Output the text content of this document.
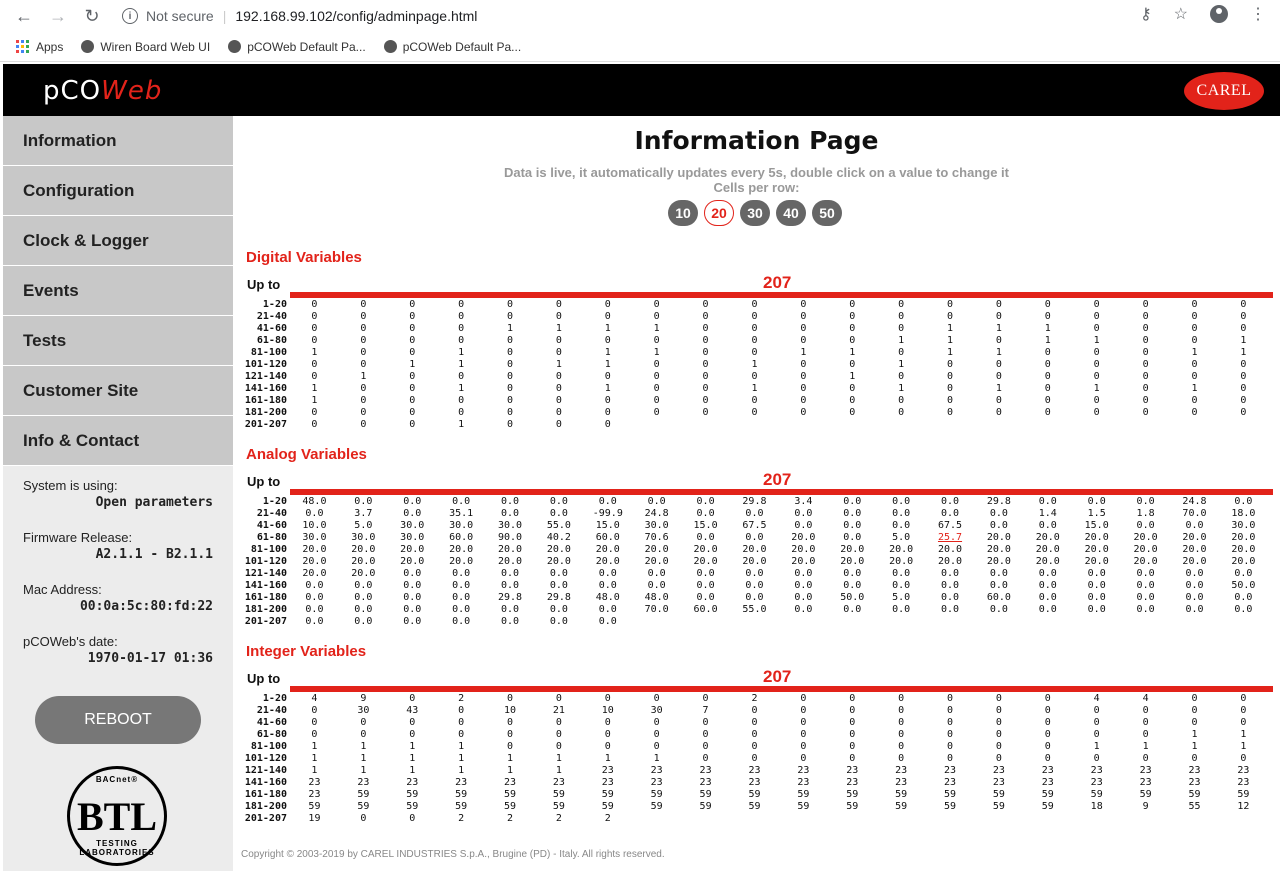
← → ↻	i	Not secure | 192.168.99.102/config/adminpage.html	⚷ ☆	⋮
Apps	Wiren Board Web UI	pCOWeb Default Pa...	pCOWeb Default Pa...
pCOWeb	CAREL
Information
Configuration
Clock & Logger
Events
Tests
Customer Site
Info & Contact
System is using:
Open parameters
Firmware Release:
A2.1.1 - B2.1.1
Mac Address:
00:0a:5c:80:fd:22
pCOWeb's date:
1970-01-17 01:36
REBOOT
BACnet®
BTL
TESTING LABORATORIES
Information Page
Data is live, it automatically updates every 5s, double click on a value to change it
Cells per row:
10	20	30	40	50
Digital Variables
Up to	207
1-20	0	0	0	0	0	0	0	0	0	0	0	0	0	0	0	0	0	0	0	0
21-40	0	0	0	0	0	0	0	0	0	0	0	0	0	0	0	0	0	0	0	0
41-60	0	0	0	0	1	1	1	1	0	0	0	0	0	1	1	1	0	0	0	0
61-80	0	0	0	0	0	0	0	0	0	0	0	0	1	1	0	1	1	0	0	1
81-100	1	0	0	1	0	0	1	1	0	0	1	1	0	1	1	0	0	0	1	1
101-120	0	0	1	1	0	1	1	0	0	1	0	0	1	0	0	0	0	0	0	0
121-140	0	1	0	0	0	0	0	0	0	0	0	1	0	0	0	0	0	0	0	0
141-160	1	0	0	1	0	0	1	0	0	1	0	0	1	0	1	0	1	0	1	0
161-180	1	0	0	0	0	0	0	0	0	0	0	0	0	0	0	0	0	0	0	0
181-200	0	0	0	0	0	0	0	0	0	0	0	0	0	0	0	0	0	0	0	0
201-207	0	0	0	1	0	0	0
Analog Variables
Up to	207
1-20	48.0	0.0	0.0	0.0	0.0	0.0	0.0	0.0	0.0	29.8	3.4	0.0	0.0	0.0	29.8	0.0	0.0	0.0	24.8	0.0
21-40	0.0	3.7	0.0	35.1	0.0	0.0	-99.9	24.8	0.0	0.0	0.0	0.0	0.0	0.0	0.0	1.4	1.5	1.8	70.0	18.0
41-60	10.0	5.0	30.0	30.0	30.0	55.0	15.0	30.0	15.0	67.5	0.0	0.0	0.0	67.5	0.0	0.0	15.0	0.0	0.0	30.0
61-80	30.0	30.0	30.0	60.0	90.0	40.2	60.0	70.6	0.0	0.0	20.0	0.0	5.0	25.7	20.0	20.0	20.0	20.0	20.0	20.0
81-100	20.0	20.0	20.0	20.0	20.0	20.0	20.0	20.0	20.0	20.0	20.0	20.0	20.0	20.0	20.0	20.0	20.0	20.0	20.0	20.0
101-120	20.0	20.0	20.0	20.0	20.0	20.0	20.0	20.0	20.0	20.0	20.0	20.0	20.0	20.0	20.0	20.0	20.0	20.0	20.0	20.0
121-140	20.0	20.0	0.0	0.0	0.0	0.0	0.0	0.0	0.0	0.0	0.0	0.0	0.0	0.0	0.0	0.0	0.0	0.0	0.0	0.0
141-160	0.0	0.0	0.0	0.0	0.0	0.0	0.0	0.0	0.0	0.0	0.0	0.0	0.0	0.0	0.0	0.0	0.0	0.0	0.0	50.0
161-180	0.0	0.0	0.0	0.0	29.8	29.8	48.0	48.0	0.0	0.0	0.0	50.0	5.0	0.0	60.0	0.0	0.0	0.0	0.0	0.0
181-200	0.0	0.0	0.0	0.0	0.0	0.0	0.0	70.0	60.0	55.0	0.0	0.0	0.0	0.0	0.0	0.0	0.0	0.0	0.0	0.0
201-207	0.0	0.0	0.0	0.0	0.0	0.0	0.0
Integer Variables
Up to	207
1-20	4	9	0	2	0	0	0	0	0	2	0	0	0	0	0	0	4	4	0	0
21-40	0	30	43	0	10	21	10	30	7	0	0	0	0	0	0	0	0	0	0	0
41-60	0	0	0	0	0	0	0	0	0	0	0	0	0	0	0	0	0	0	0	0
61-80	0	0	0	0	0	0	0	0	0	0	0	0	0	0	0	0	0	0	1	1
81-100	1	1	1	1	0	0	0	0	0	0	0	0	0	0	0	0	1	1	1	1
101-120	1	1	1	1	1	1	1	1	0	0	0	0	0	0	0	0	0	0	0	0
121-140	1	1	1	1	1	1	23	23	23	23	23	23	23	23	23	23	23	23	23	23
141-160	23	23	23	23	23	23	23	23	23	23	23	23	23	23	23	23	23	23	23	23
161-180	23	59	59	59	59	59	59	59	59	59	59	59	59	59	59	59	59	59	59	59
181-200	59	59	59	59	59	59	59	59	59	59	59	59	59	59	59	59	18	9	55	12
201-207	19	0	0	2	2	2	2
Copyright © 2003-2019 by CAREL INDUSTRIES S.p.A., Brugine (PD) - Italy. All rights reserved.
